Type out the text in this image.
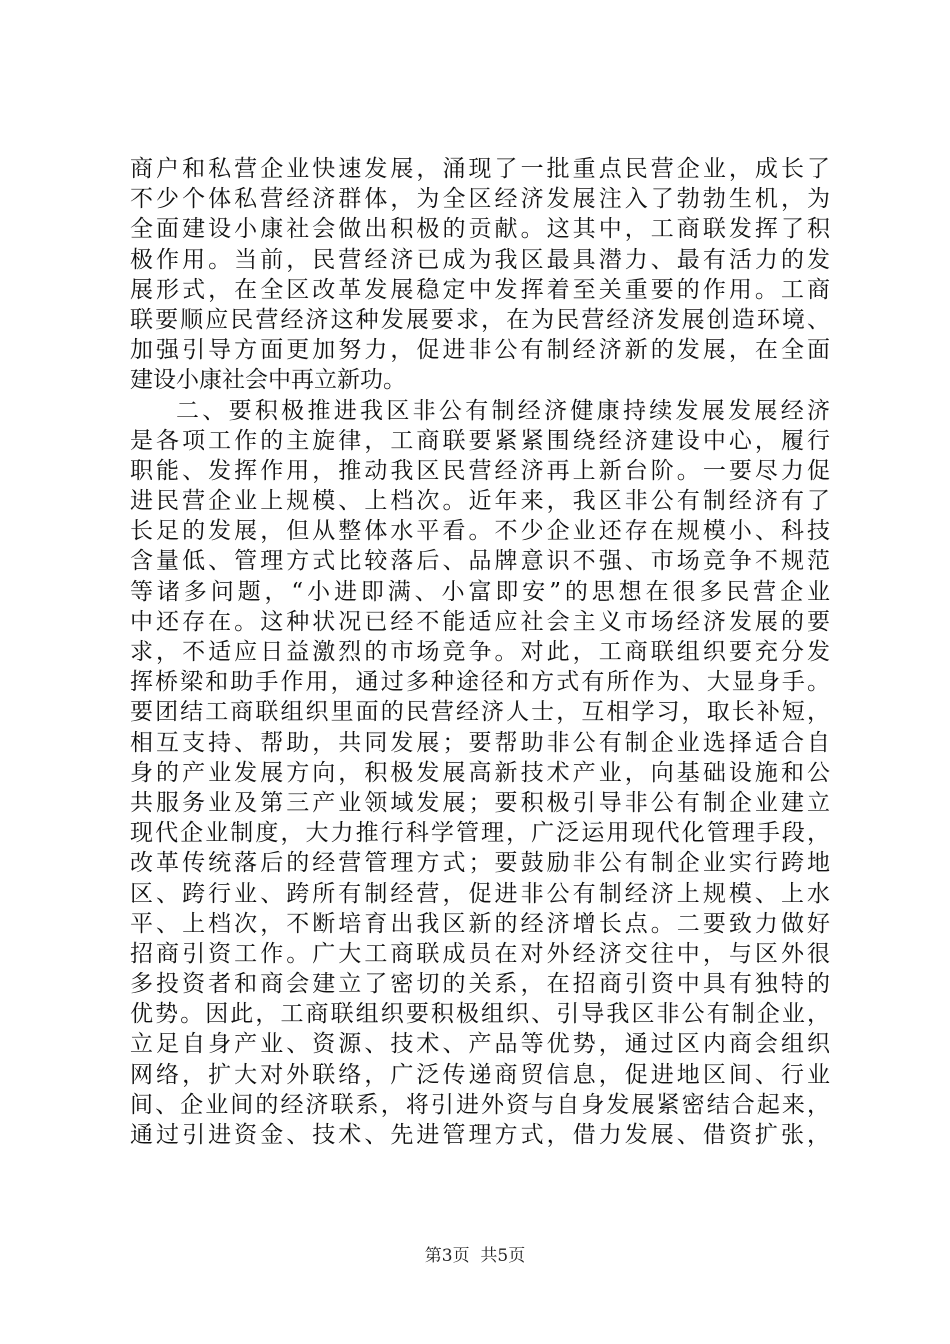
商户和私营企业快速发展，涌现了一批重点民营企业，成长了
不少个体私营经济群体，为全区经济发展注入了勃勃生机，为
全面建设小康社会做出积极的贡献。这其中，工商联发挥了积
极作用。当前，民营经济已成为我区最具潜力、最有活力的发
展形式，在全区改革发展稳定中发挥着至关重要的作用。工商
联要顺应民营经济这种发展要求，在为民营经济发展创造环境、
加强引导方面更加努力，促进非公有制经济新的发展，在全面
建设小康社会中再立新功。
二、要积极推进我区非公有制经济健康持续发展发展经济
是各项工作的主旋律，工商联要紧紧围绕经济建设中心，履行
职能、发挥作用，推动我区民营经济再上新台阶。一要尽力促
进民营企业上规模、上档次。近年来，我区非公有制经济有了
长足的发展，但从整体水平看。不少企业还存在规模小、科技
含量低、管理方式比较落后、品牌意识不强、市场竞争不规范
等诸多问题，“小进即满、小富即安”的思想在很多民营企业
中还存在。这种状况已经不能适应社会主义市场经济发展的要
求，不适应日益激烈的市场竞争。对此，工商联组织要充分发
挥桥梁和助手作用，通过多种途径和方式有所作为、大显身手。
要团结工商联组织里面的民营经济人士，互相学习，取长补短，
相互支持、帮助，共同发展；要帮助非公有制企业选择适合自
身的产业发展方向，积极发展高新技术产业，向基础设施和公
共服务业及第三产业领域发展；要积极引导非公有制企业建立
现代企业制度，大力推行科学管理，广泛运用现代化管理手段，
改革传统落后的经营管理方式；要鼓励非公有制企业实行跨地
区、跨行业、跨所有制经营，促进非公有制经济上规模、上水
平、上档次，不断培育出我区新的经济增长点。二要致力做好
招商引资工作。广大工商联成员在对外经济交往中，与区外很
多投资者和商会建立了密切的关系，在招商引资中具有独特的
优势。因此，工商联组织要积极组织、引导我区非公有制企业，
立足自身产业、资源、技术、产品等优势，通过区内商会组织
网络，扩大对外联络，广泛传递商贸信息，促进地区间、行业
间、企业间的经济联系，将引进外资与自身发展紧密结合起来，
通过引进资金、技术、先进管理方式，借力发展、借资扩张，
第3页  共5页
